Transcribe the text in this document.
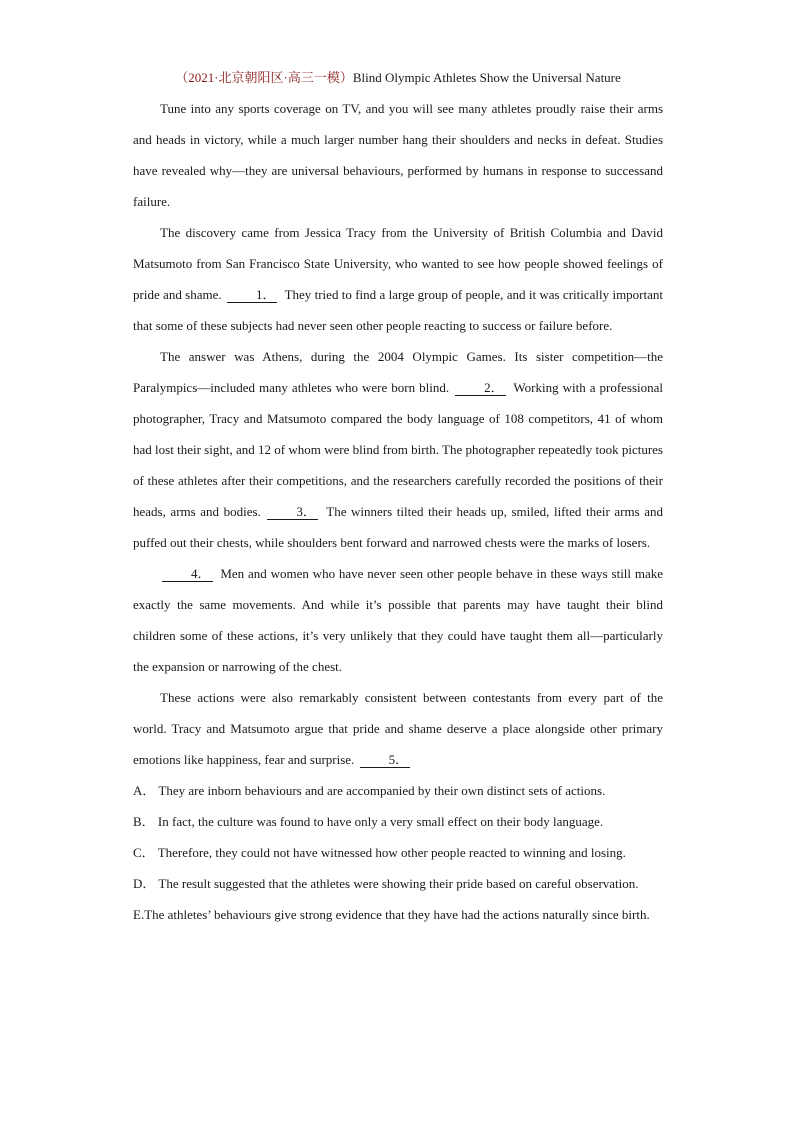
（2021·北京朝阳区·高三一模）Blind Olympic Athletes Show the Universal Nature

Tune into any sports coverage on TV, and you will see many athletes proudly raise their arms and heads in victory, while a much larger number hang their shoulders and necks in defeat. Studies have revealed why—they are universal behaviours, performed by humans in response to successand failure.

The discovery came from Jessica Tracy from the University of British Columbia and David Matsumoto from San Francisco State University, who wanted to see how people showed feelings of pride and shame.	1． They tried to find a large group of people, and it was critically important that some of these subjects had never seen other people reacting to success or failure before.

The answer was Athens, during the 2004 Olympic Games. Its sister competition—the Paralympics—included many athletes who were born blind.	2． Working with a professional photographer, Tracy and Matsumoto compared the body language of 108 competitors, 41 of whom had lost their sight, and 12 of whom were blind from birth. The photographer repeatedly took pictures of these athletes after their competitions, and the researchers carefully recorded the positions of their heads, arms and bodies.	3． The winners tilted their heads up, smiled, lifted their arms and puffed out their chests, while shoulders bent forward and narrowed chests were the marks of losers.

4． Men and women who have never seen other people behave in these ways still make exactly the same movements. And while it’s possible that parents may have taught their blind children some of these actions, it’s very unlikely that they could have taught them all—particularly the expansion or narrowing of the chest.

These actions were also remarkably consistent between contestants from every part of the world. Tracy and Matsumoto argue that pride and shame deserve a place alongside other primary emotions like happiness, fear and surprise.	5．

A． They are inborn behaviours and are accompanied by their own distinct sets of actions.

B． In fact, the culture was found to have only a very small effect on their body language.

C． Therefore, they could not have witnessed how other people reacted to winning and losing.

D． The result suggested that the athletes were showing their pride based on careful observation.

E.The athletes’ behaviours give strong evidence that they have had the actions naturally since birth.
